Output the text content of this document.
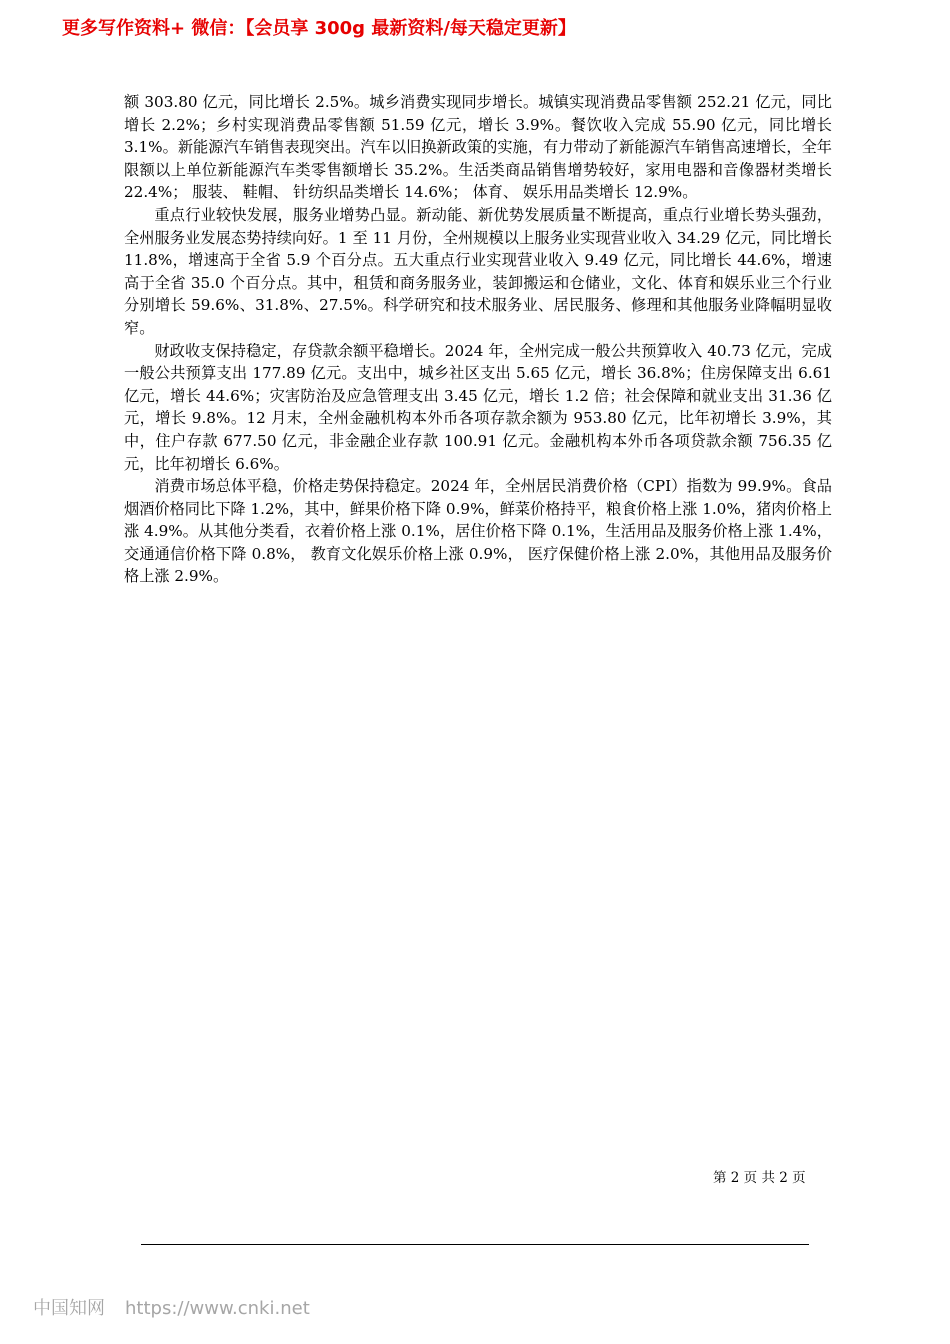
更多写作资料+ 微信：【会员享 300g 最新资料/每天稳定更新】

额 303.80 亿元，同比增长 2.5%。城乡消费实现同步增长。城镇实现消费品零售额 252.21 亿元，同比增长 2.2%；乡村实现消费品零售额 51.59 亿元，增长 3.9%。餐饮收入完成 55.90 亿元，同比增长 3.1%。新能源汽车销售表现突出。汽车以旧换新政策的实施，有力带动了新能源汽车销售高速增长，全年限额以上单位新能源汽车类零售额增长 35.2%。生活类商品销售增势较好，家用电器和音像器材类增长 22.4%； 服装、 鞋帽、 针纺织品类增长 14.6%； 体育、 娱乐用品类增长 12.9%。

重点行业较快发展，服务业增势凸显。新动能、新优势发展质量不断提高，重点行业增长势头强劲，全州服务业发展态势持续向好。1 至 11 月份，全州规模以上服务业实现营业收入 34.29 亿元，同比增长 11.8%，增速高于全省 5.9 个百分点。五大重点行业实现营业收入 9.49 亿元，同比增长 44.6%，增速高于全省 35.0 个百分点。其中，租赁和商务服务业，装卸搬运和仓储业，文化、体育和娱乐业三个行业分别增长 59.6%、31.8%、27.5%。科学研究和技术服务业、居民服务、修理和其他服务业降幅明显收窄。

财政收支保持稳定，存贷款余额平稳增长。2024 年，全州完成一般公共预算收入 40.73 亿元，完成一般公共预算支出 177.89 亿元。支出中，城乡社区支出 5.65 亿元，增长 36.8%；住房保障支出 6.61 亿元，增长 44.6%；灾害防治及应急管理支出 3.45 亿元，增长 1.2 倍；社会保障和就业支出 31.36 亿元，增长 9.8%。12 月末，全州金融机构本外币各项存款余额为 953.80 亿元，比年初增长 3.9%，其中，住户存款 677.50 亿元，非金融企业存款 100.91 亿元。金融机构本外币各项贷款余额 756.35 亿元，比年初增长 6.6%。

消费市场总体平稳，价格走势保持稳定。2024 年，全州居民消费价格（CPI）指数为 99.9%。食品烟酒价格同比下降 1.2%，其中，鲜果价格下降 0.9%，鲜菜价格持平，粮食价格上涨 1.0%，猪肉价格上涨 4.9%。从其他分类看，衣着价格上涨 0.1%，居住价格下降 0.1%，生活用品及服务价格上涨 1.4%， 交通通信价格下降 0.8%， 教育文化娱乐价格上涨 0.9%， 医疗保健价格上涨 2.0%，其他用品及服务价格上涨 2.9%。

第 2 页 共 2 页
中国知网 https://www.cnki.net
